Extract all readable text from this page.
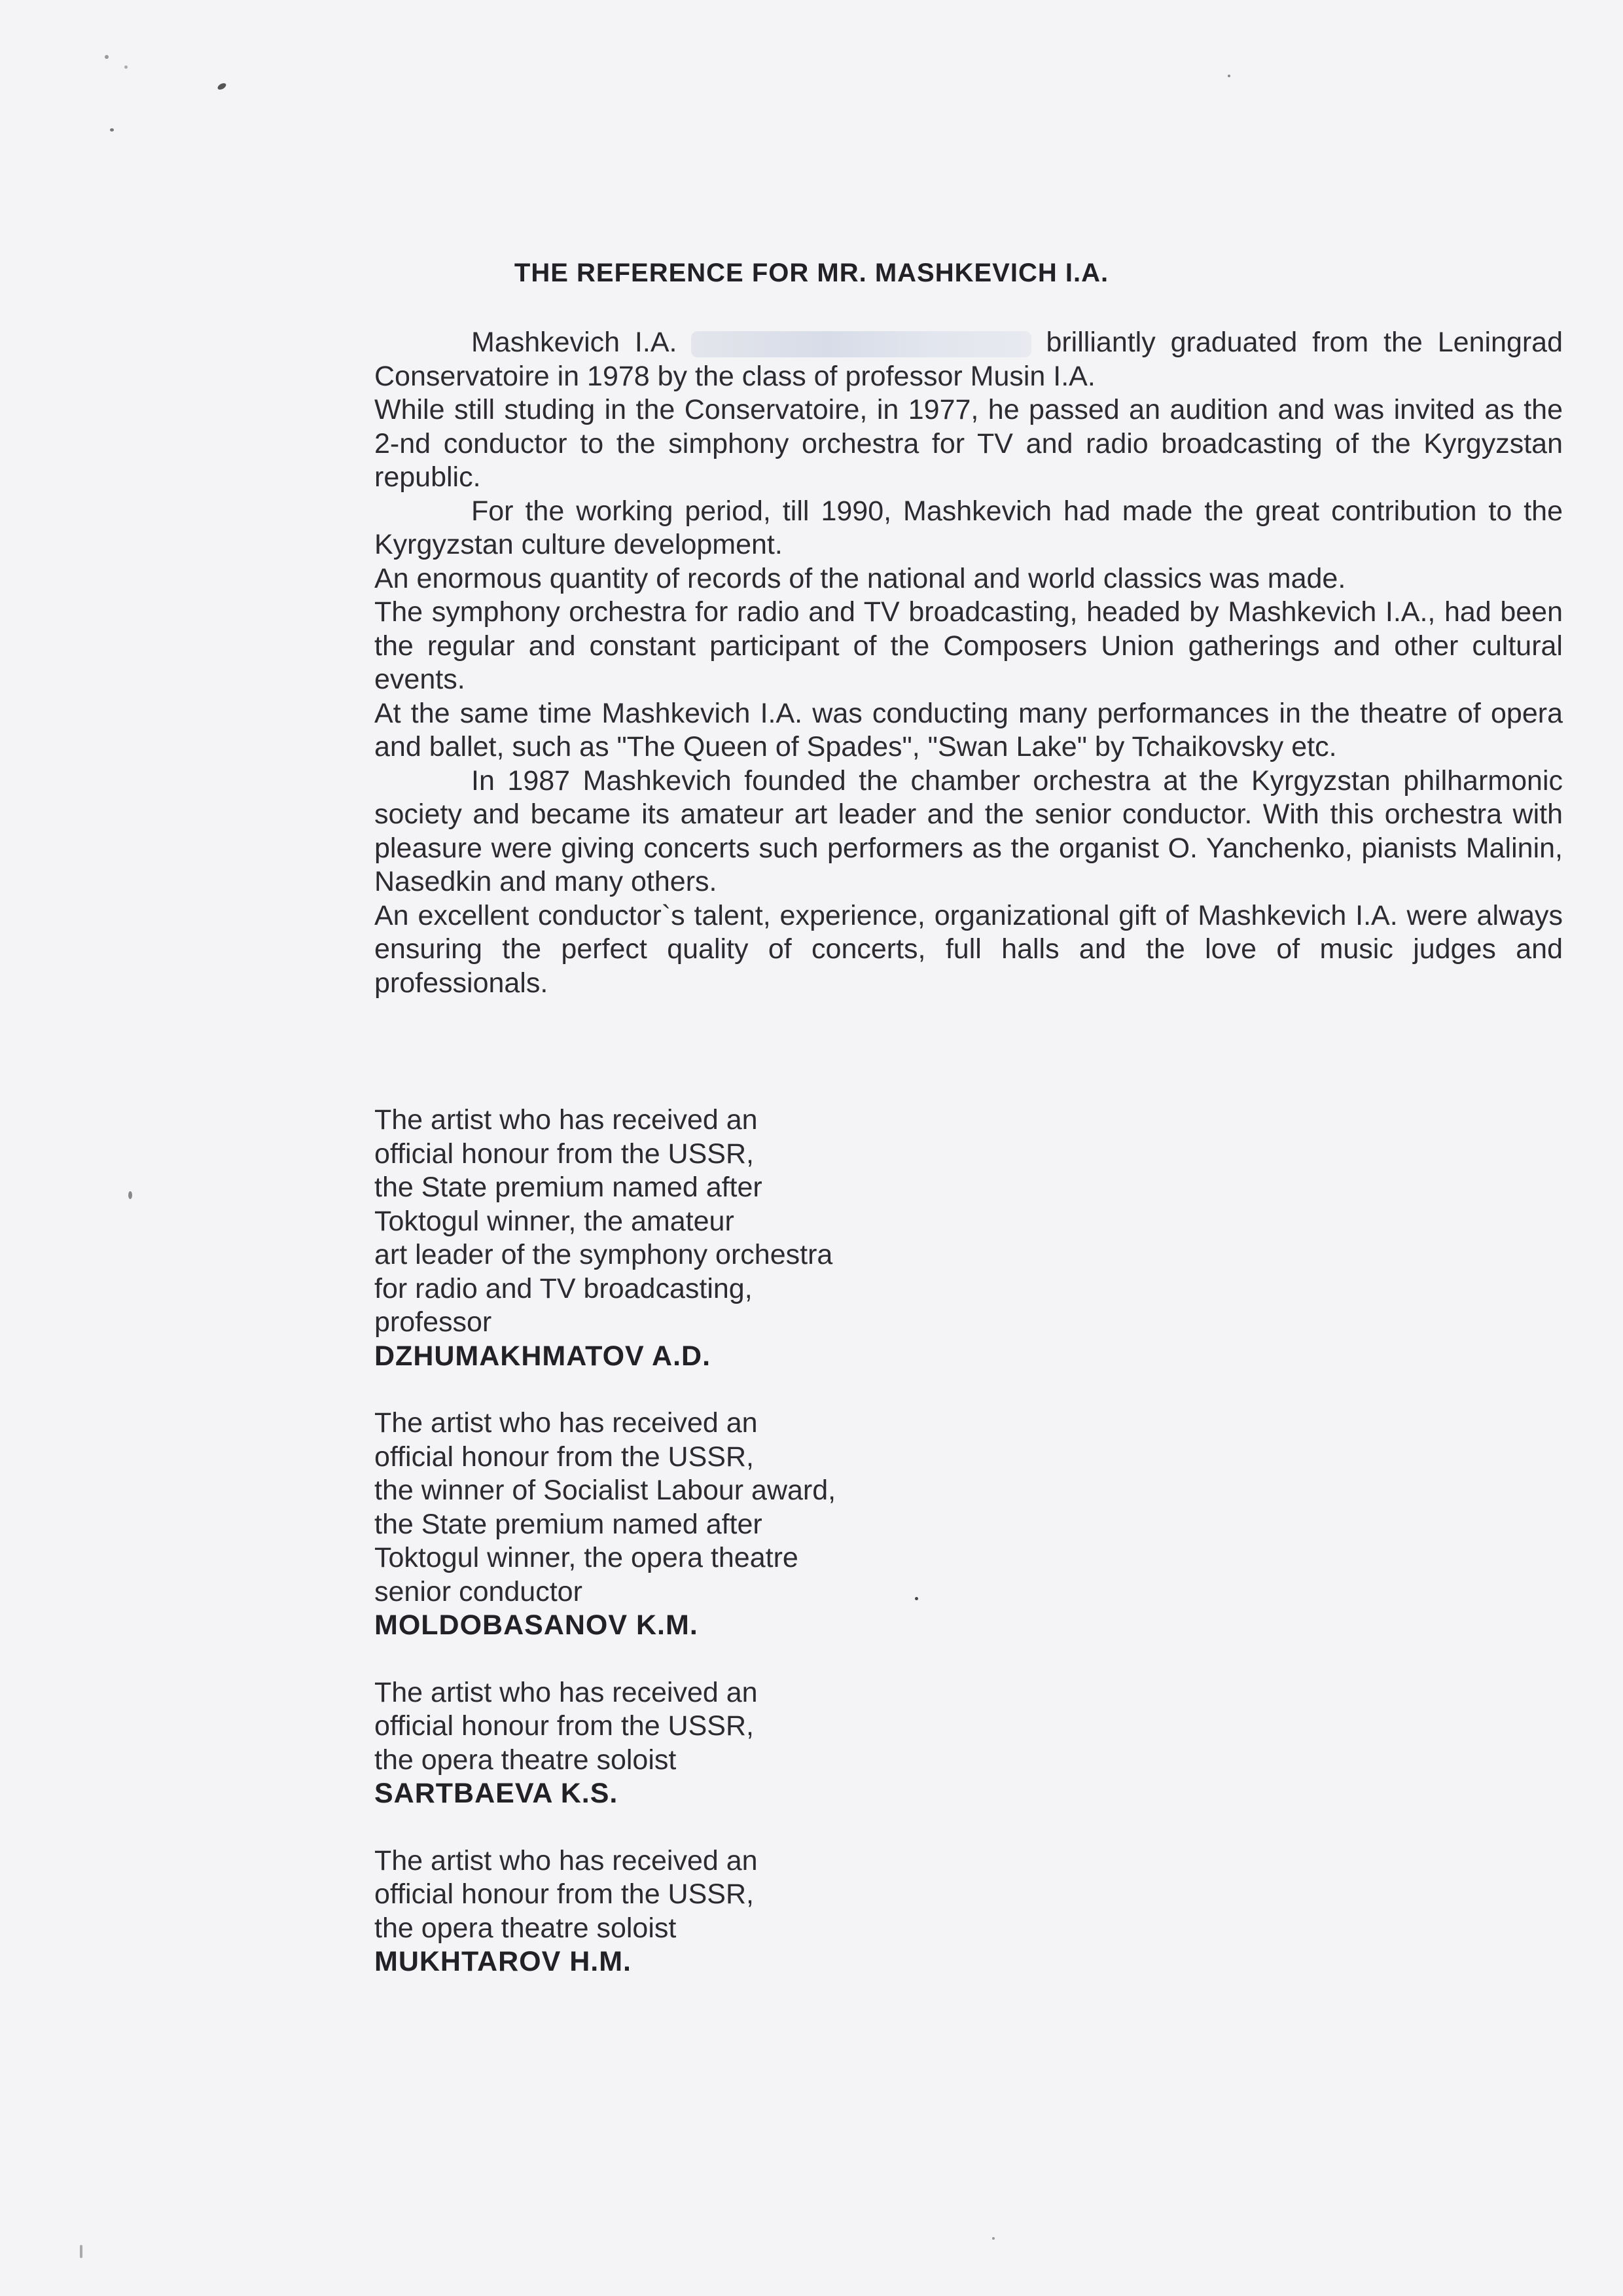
THE REFERENCE FOR MR. MASHKEVICH I.A.

Mashkevich I.A.	brilliantly graduated from the Leningrad Conservatoire in 1978 by the class of professor Musin I.A.

While still studing in the Conservatoire, in 1977, he passed an audition and was invited as the 2-nd conductor to the simphony orchestra for TV and radio broadcasting of the Kyrgyzstan republic.

For the working period, till 1990, Mashkevich had made the great contribution to the Kyrgyzstan culture development.

An enormous quantity of records of the national and world classics was made.

The symphony orchestra for radio and TV broadcasting, headed by Mashkevich I.A., had been the regular and constant participant of the Composers Union gatherings and other cultural events.

At the same time Mashkevich I.A. was conducting many performances in the theatre of opera and ballet, such as "The Queen of Spades", "Swan Lake" by Tchaikovsky etc.

In 1987 Mashkevich founded the chamber orchestra at the Kyrgyzstan philharmonic society and became its amateur art leader and the senior conductor. With this orchestra with pleasure were giving concerts such performers as the organist O. Yanchenko, pianists Malinin, Nasedkin and many others.

An excellent conductor`s talent, experience, organizational gift of Mashkevich I.A. were always ensuring the perfect quality of concerts, full halls and the love of music judges and professionals.

The artist who has received an
official honour from the USSR,
the State premium named after
Toktogul winner, the amateur
art leader of the symphony orchestra
for radio and TV broadcasting,
professor
DZHUMAKHMATOV A.D.
The artist who has received an
official honour from the USSR,
the winner of Socialist Labour award,
the State premium named after
Toktogul winner, the opera theatre
senior conductor
MOLDOBASANOV K.M.
The artist who has received an
official honour from the USSR,
the opera theatre soloist
SARTBAEVA K.S.
The artist who has received an
official honour from the USSR,
the opera theatre soloist
MUKHTAROV H.M.
